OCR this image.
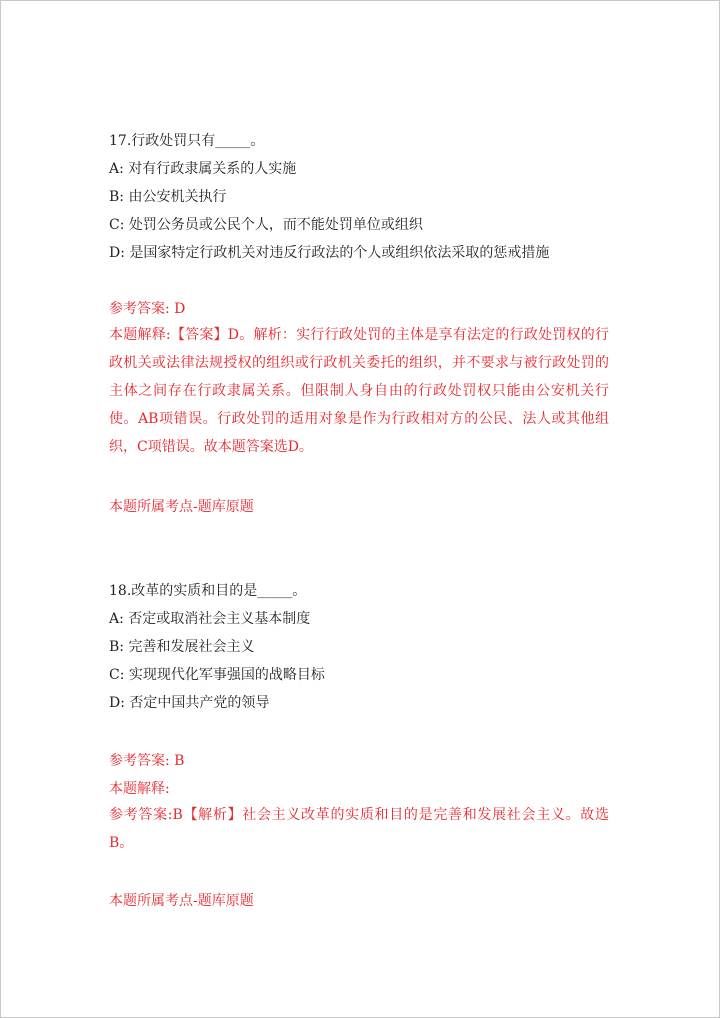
17.行政处罚只有_____。
A: 对有行政隶属关系的人实施
B: 由公安机关执行
C: 处罚公务员或公民个人，而不能处罚单位或组织
D: 是国家特定行政机关对违反行政法的个人或组织依法采取的惩戒措施
参考答案: D
本题解释:【答案】D。解析：实行行政处罚的主体是享有法定的行政处罚权的行政机关或法律法规授权的组织或行政机关委托的组织，并不要求与被行政处罚的主体之间存在行政隶属关系。但限制人身自由的行政处罚权只能由公安机关行使。AB项错误。行政处罚的适用对象是作为行政相对方的公民、法人或其他组织，C项错误。故本题答案选D。
本题所属考点-题库原题
18.改革的实质和目的是_____。
A: 否定或取消社会主义基本制度
B: 完善和发展社会主义
C: 实现现代化军事强国的战略目标
D: 否定中国共产党的领导
参考答案: B
本题解释:
参考答案:B【解析】社会主义改革的实质和目的是完善和发展社会主义。故选B。
本题所属考点-题库原题
